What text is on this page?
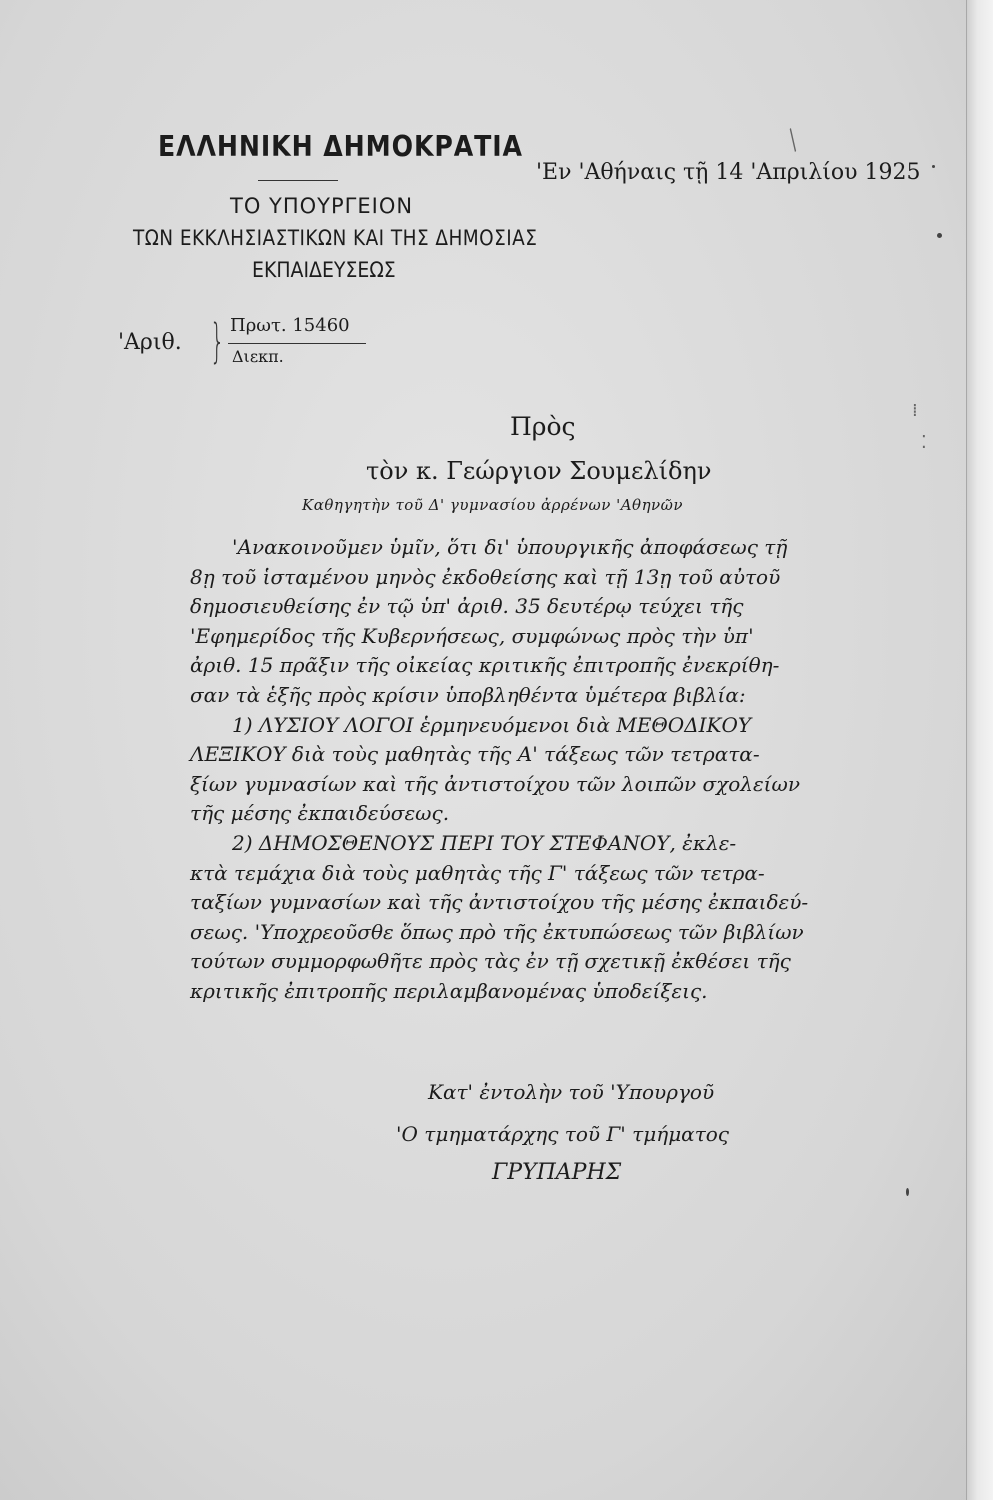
ΕΛΛΗΝΙΚΗ ΔΗΜΟΚΡΑΤΙΑ
ΤΟ ΥΠΟΥΡΓΕΙΟΝ
ΤΩΝ ΕΚΚΛΗΣΙΑΣΤΙΚΩΝ ΚΑΙ ΤΗΣ ΔΗΜΟΣΙΑΣ
ΕΚΠΑΙΔΕΥΣΕΩΣ
'Εν 'Αθήναις τῇ 14 'Απριλίου 1925
'Αριθ. } Πρωτ. 15460
Διεκπ.
Πρὸς
τὸν κ. Γεώργιον Σουμελίδην
Καθηγητὴν τοῦ Δ' γυμνασίου ἀρρένων 'Αθηνῶν
'Ανακοινοῦμεν ὑμῖν, ὅτι δι' ὑπουργικῆς ἀποφάσεως τῇ
8ῃ τοῦ ἱσταμένου μηνὸς ἐκδοθείσης καὶ τῇ 13ῃ τοῦ αὐτοῦ
δημοσιευθείσης ἐν τῷ ὑπ' ἀριθ. 35 δευτέρῳ τεύχει τῆς
'Εφημερίδος τῆς Κυβερνήσεως, συμφώνως πρὸς τὴν ὑπ'
ἀριθ. 15 πρᾶξιν τῆς οἰκείας κριτικῆς ἐπιτροπῆς ἐνεκρίθη-
σαν τὰ ἑξῆς πρὸς κρίσιν ὑποβληθέντα ὑμέτερα βιβλία:
1) ΛΥΣΙΟΥ ΛΟΓΟΙ ἑρμηνευόμενοι διὰ ΜΕΘΟΔΙΚΟΥ
ΛΕΞΙΚΟΥ διὰ τοὺς μαθητὰς τῆς Α' τάξεως τῶν τετρατα-
ξίων γυμνασίων καὶ τῆς ἀντιστοίχου τῶν λοιπῶν σχολείων
τῆς μέσης ἐκπαιδεύσεως.
2) ΔΗΜΟΣΘΕΝΟΥΣ ΠΕΡΙ ΤΟΥ ΣΤΕΦΑΝΟΥ, ἐκλε-
κτὰ τεμάχια διὰ τοὺς μαθητὰς τῆς Γ' τάξεως τῶν τετρα-
ταξίων γυμνασίων καὶ τῆς ἀντιστοίχου τῆς μέσης ἐκπαιδεύ-
σεως. 'Υποχρεοῦσθε ὅπως πρὸ τῆς ἐκτυπώσεως τῶν βιβλίων
τούτων συμμορφωθῆτε πρὸς τὰς ἐν τῇ σχετικῇ ἐκθέσει τῆς
κριτικῆς ἐπιτροπῆς περιλαμβανομένας ὑποδείξεις.
Κατ' ἐντολὴν τοῦ 'Υπουργοῦ
'Ο τμηματάρχης τοῦ Γ' τμήματος
ΓΡΥΠΑΡΗΣ
⁞
⁚
╱
